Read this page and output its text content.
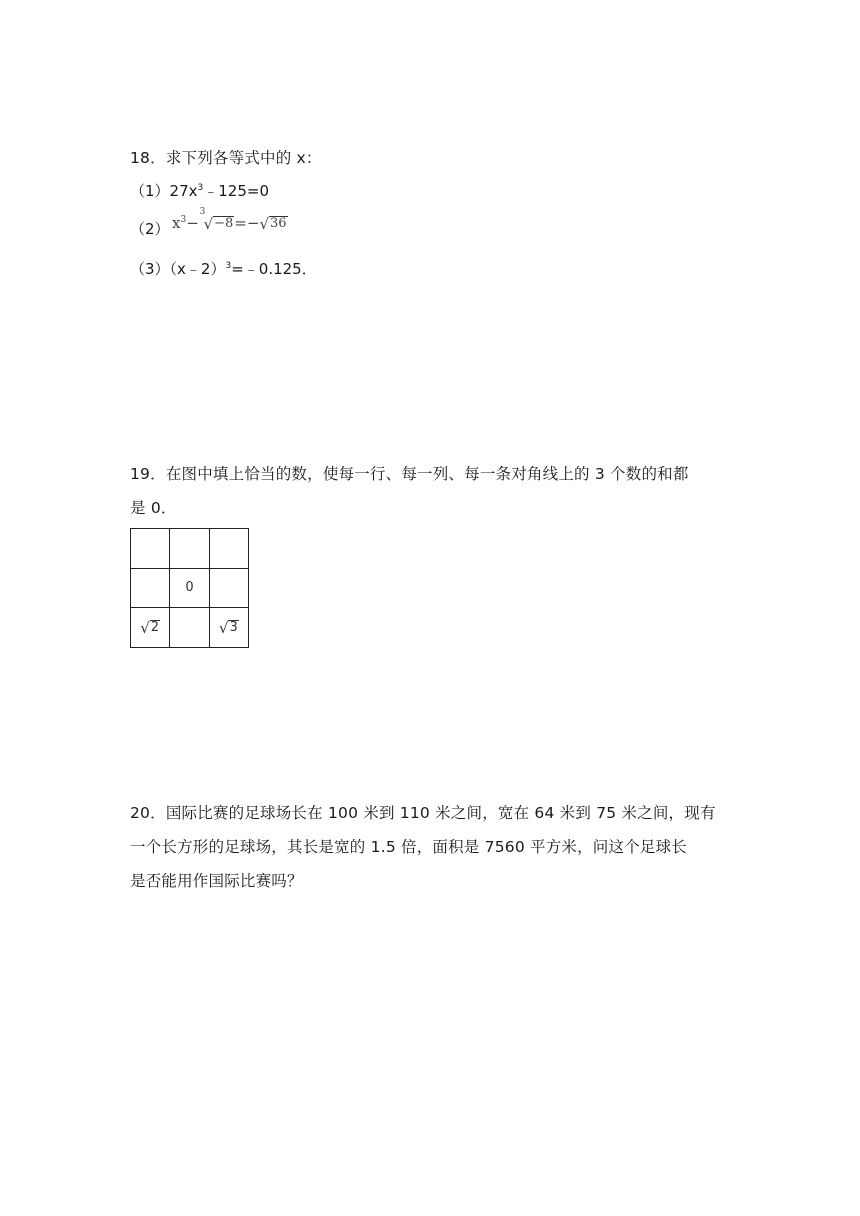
18．求下列各等式中的 x：
$(1)27x^3﹣125=0$
（2） $x^3-$
3
√ −8 =− √ 36
（3）（x﹣2）$^3$=﹣0.125．
19．在图中填上恰当的数，使每一行、每一列、每一条对角线上的 3 个数的和都
是 0．

	0	

√ 2		√ 3
20．国际比赛的足球场长在 100 米到 110 米之间，宽在 64 米到 75 米之间，现有
一个长方形的足球场，其长是宽的 1.5 倍，面积是 7560 平方米，问这个足球长
是否能用作国际比赛吗？
